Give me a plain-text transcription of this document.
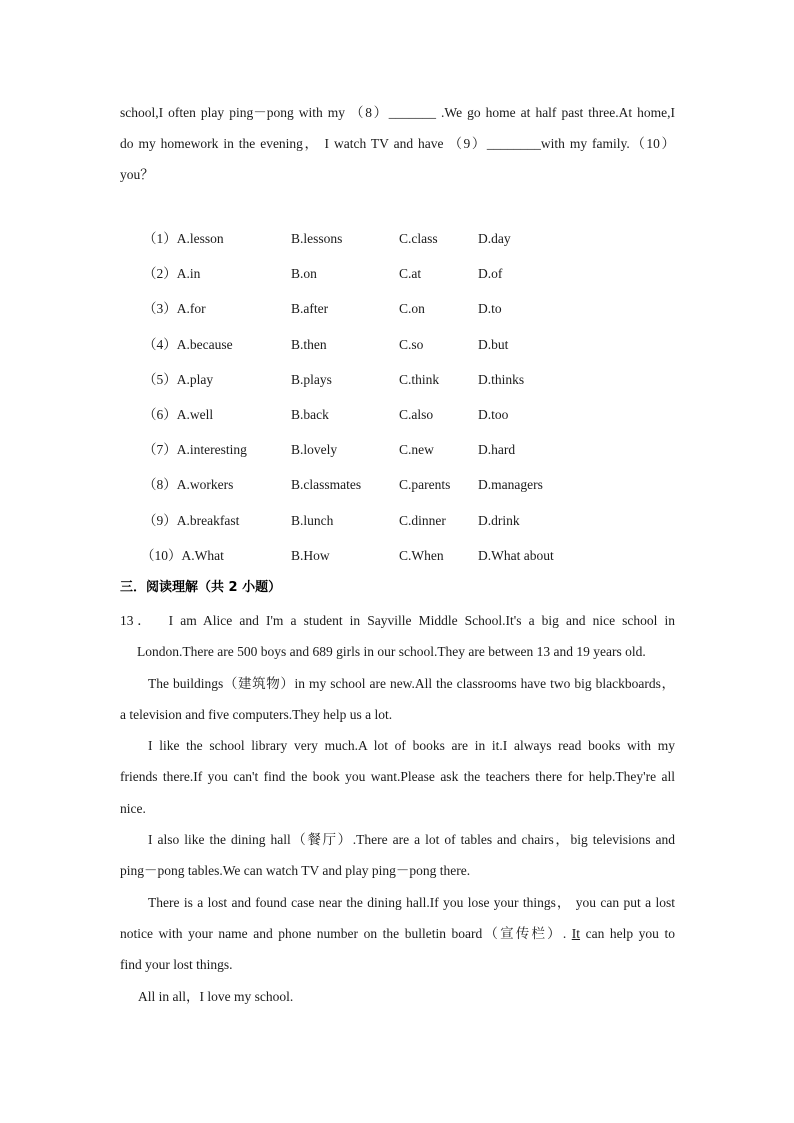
school,I often play ping－pong with my （8）_______ .We go home at half past three.At home,I
do my homework in the evening， I watch TV and have （9）________with my family.（10）
you？
（1）A.lesson	B.lessons	C.class	D.day
（2）A.in	B.on	C.at	D.of
（3）A.for	B.after	C.on	D.to
（4）A.because	B.then	C.so	D.but
（5）A.play	B.plays	C.think	D.thinks
（6）A.well	B.back	C.also	D.too
（7）A.interesting	B.lovely	C.new	D.hard
（8）A.workers	B.classmates	C.parents D.managers
（9）A.breakfast	B.lunch	C.dinner D.drink
（10）A.What	B.How	C.When	D.What about
三．阅读理解（共 2 小题）
13． I am Alice and I'm a student in Sayville Middle School.It's a big and nice school in
London.There are 500 boys and 689 girls in our school.They are between 13 and 19 years old.
The buildings（建筑物）in my school are new.All the classrooms have two big blackboards，
a television and five computers.They help us a lot.
I like the school library very much.A lot of books are in it.I always read books with my
friends there.If you can't find the book you want.Please ask the teachers there for help.They're all
nice.
I also like the dining hall（餐厅）.There are a lot of tables and chairs，big televisions and
ping－pong tables.We can watch TV and play ping－pong there.
There is a lost and found case near the dining hall.If you lose your things， you can put a lost
notice with your name and phone number on the bulletin board（宣传栏）. It can help you to
find your lost things.
All in all，I love my school.
